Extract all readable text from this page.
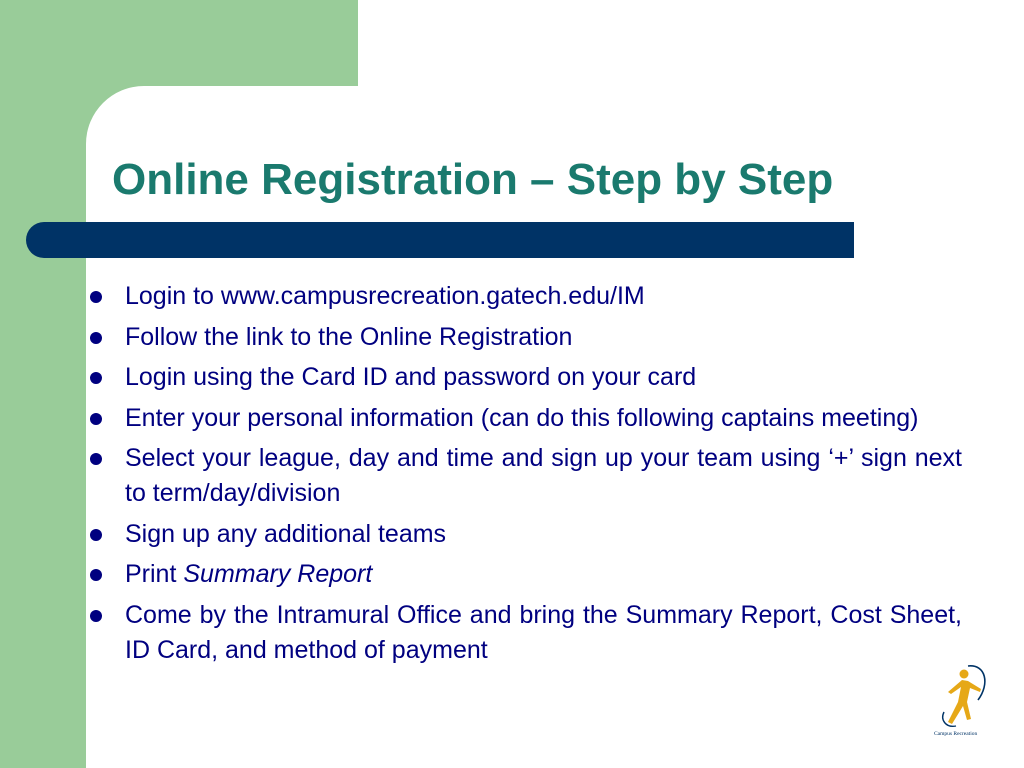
Online Registration – Step by Step
Login to www.campusrecreation.gatech.edu/IM
Follow the link to the Online Registration
Login using the Card ID and password on your card
Enter your personal information (can do this following captains meeting)
Select your league, day and time and sign up your team using ‘+’ sign next to term/day/division
Sign up any additional teams
Print Summary Report
Come by the Intramural Office and bring the Summary Report, Cost Sheet, ID Card, and method of payment
Campus Recreation
